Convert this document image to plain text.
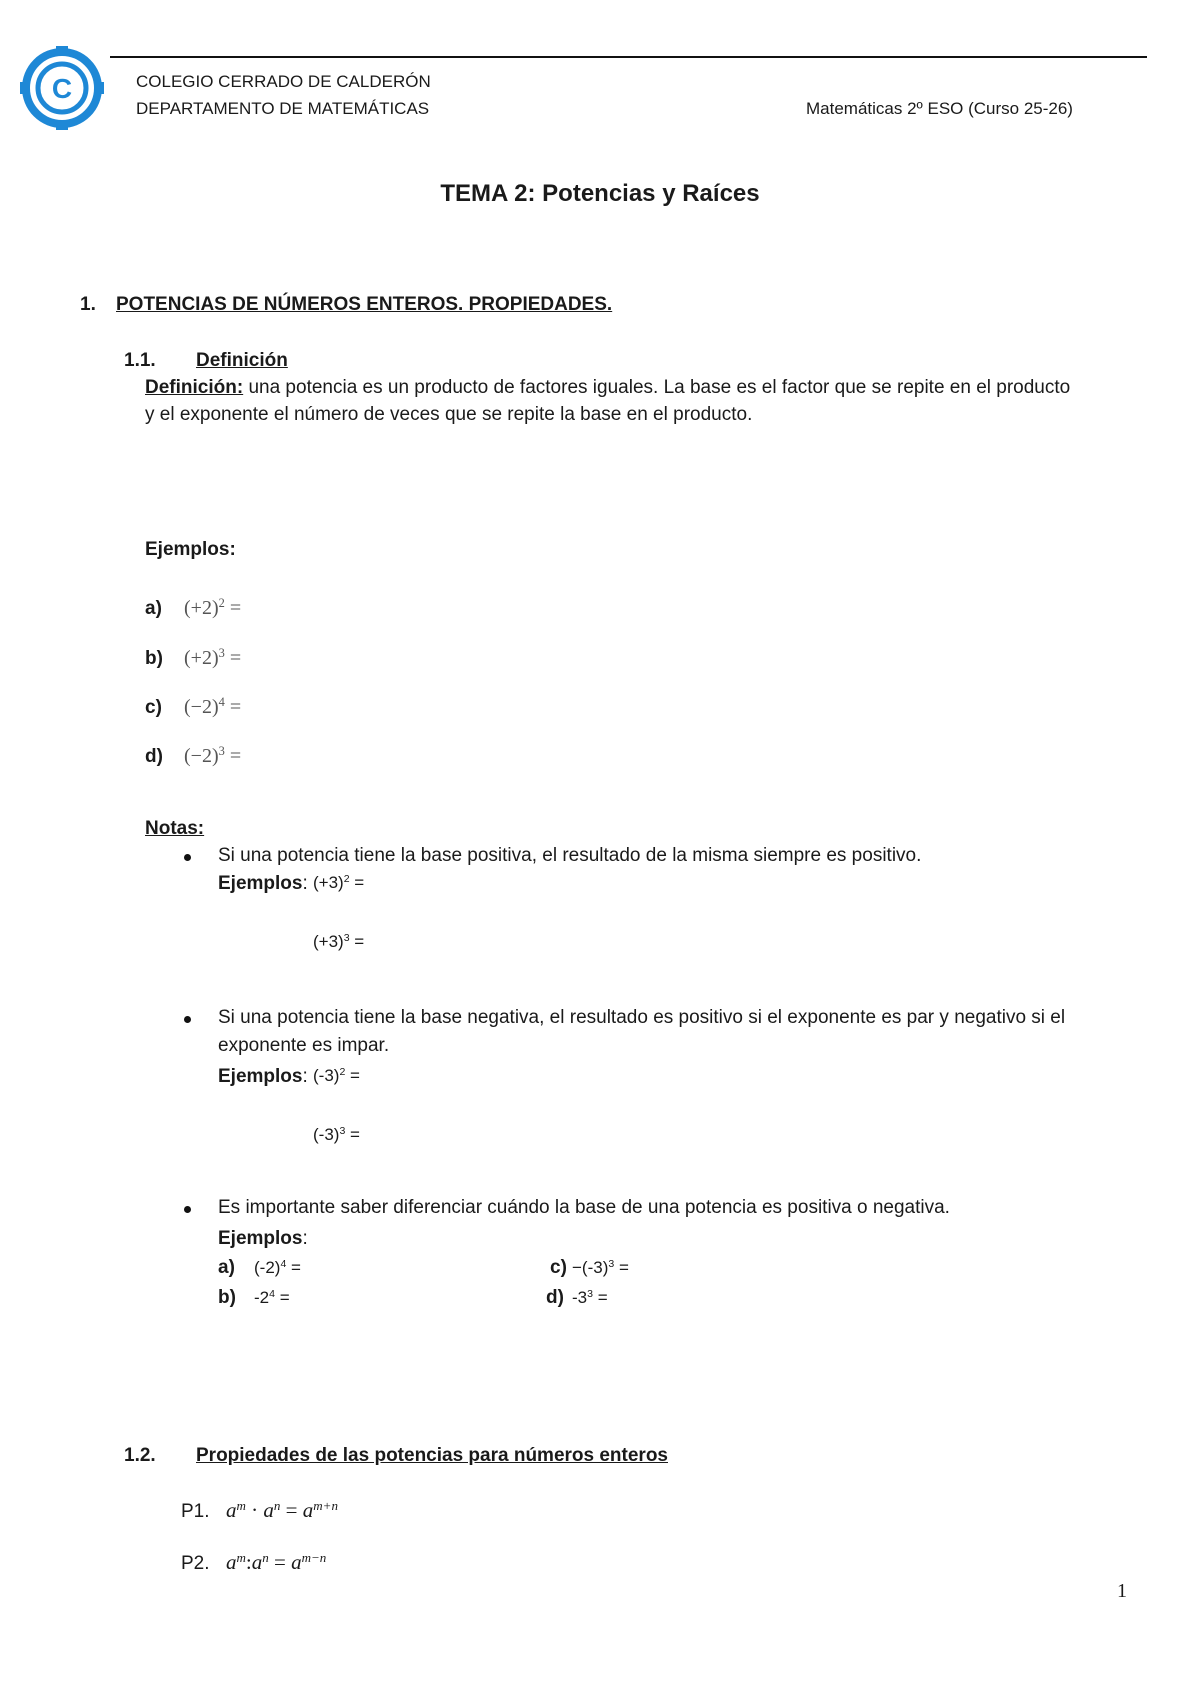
C	COLEGIO CERRADO DE CALDERÓN
DEPARTAMENTO DE MATEMÁTICAS	Matemáticas 2º ESO (Curso 25-26)
TEMA 2: Potencias y Raíces
1. POTENCIAS DE NÚMEROS ENTEROS. PROPIEDADES.
1.1. Definición
Definición: una potencia es un producto de factores iguales. La base es el factor que se repite en el producto
y el exponente el número de veces que se repite la base en el producto.
Ejemplos:
a) $(+2)^2$ =
b) $(+2)^3$ =
c) $(-2)^4$ =
d) $(-2)^3$ =
Notas:
Si una potencia tiene la base positiva, el resultado de la misma siempre es positivo.
Ejemplos: $(+3)^2$ =
$(+3)^3$ =
Si una potencia tiene la base negativa, el resultado es positivo si el exponente es par y negativo si el
exponente es impar.
Ejemplos: $(-3)^2$ =
$(-3)^3$ =
Es importante saber diferenciar cuándo la base de una potencia es positiva o negativa.
Ejemplos:
a) $(-2)^4$ =
b) $-2^4$ =
$c) -(-3)^3$ =
d) $-3^3$ =
1.2. Propiedades de las potencias para números enteros
P1. $a^m \cdot a^n = a^{m+n}$
P2. $a^m:a^n = a^{m-n}$
1
